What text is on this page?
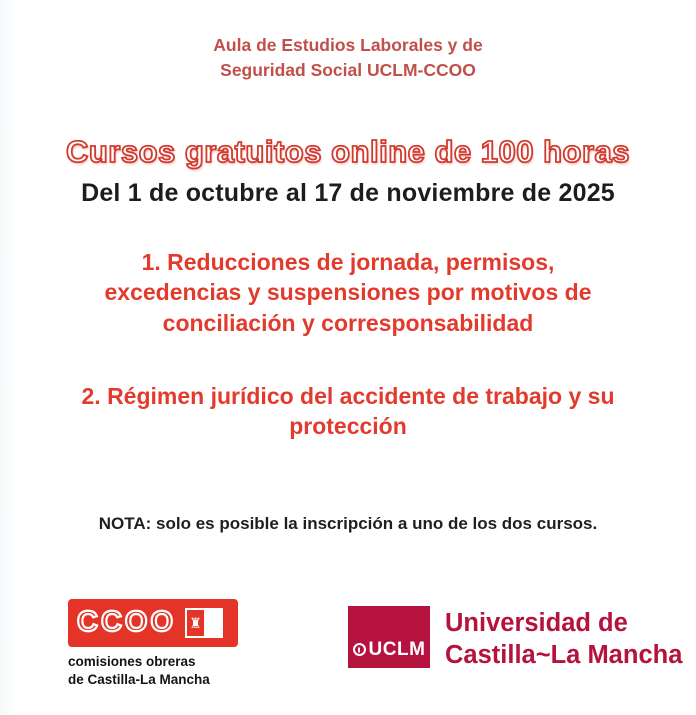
Aula de Estudios Laborales y de
Seguridad Social UCLM-CCOO
Cursos gratuitos online de 100 horas
Del 1 de octubre al 17 de noviembre de 2025
1. Reducciones de jornada, permisos, excedencias y suspensiones por motivos de conciliación y corresponsabilidad
2. Régimen jurídico del accidente de trabajo y su protección
NOTA: solo es posible la inscripción a uno de los dos cursos.
CCOO ♜
comisiones obreras
de Castilla-La Mancha
UCLM
Universidad de
Castilla~La Mancha
